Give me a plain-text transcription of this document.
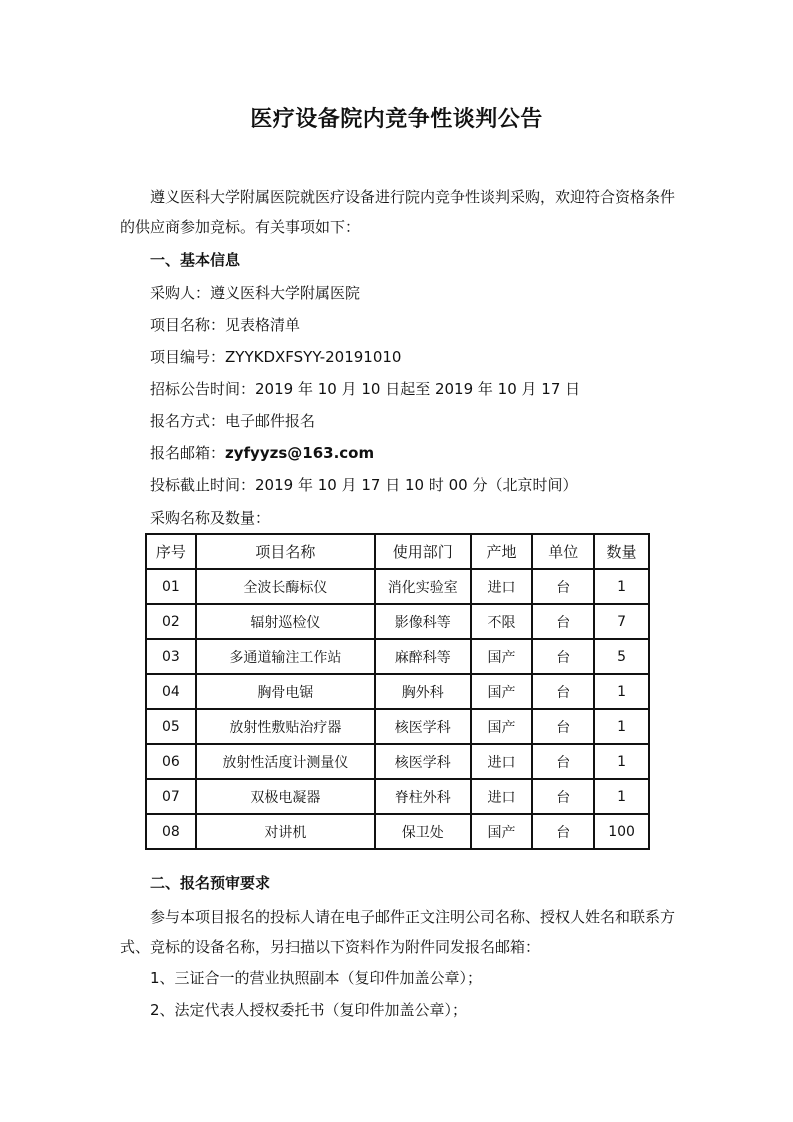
医疗设备院内竞争性谈判公告
遵义医科大学附属医院就医疗设备进行院内竞争性谈判采购，欢迎符合资格条件的供应商参加竞标。有关事项如下：
一、基本信息
采购人：遵义医科大学附属医院
项目名称：见表格清单
项目编号：ZYYKDXFSYY-20191010
招标公告时间：2019 年 10 月 10 日起至 2019 年 10 月 17 日
报名方式：电子邮件报名
报名邮箱：zyfyyzs@163.com
投标截止时间：2019 年 10 月 17 日 10 时 00 分（北京时间）
采购名称及数量：
序号	项目名称	使用部门	产地	单位	数量
01	全波长酶标仪	消化实验室	进口	台	1
02	辐射巡检仪	影像科等	不限	台	7
03	多通道输注工作站	麻醉科等	国产	台	5
04	胸骨电锯	胸外科	国产	台	1
05	放射性敷贴治疗器	核医学科	国产	台	1
06	放射性活度计测量仪	核医学科	进口	台	1
07	双极电凝器	脊柱外科	进口	台	1
08	对讲机	保卫处	国产	台	100
二、报名预审要求
参与本项目报名的投标人请在电子邮件正文注明公司名称、授权人姓名和联系方式、竞标的设备名称，另扫描以下资料作为附件同发报名邮箱：
1、三证合一的营业执照副本（复印件加盖公章）；
2、法定代表人授权委托书（复印件加盖公章）；
